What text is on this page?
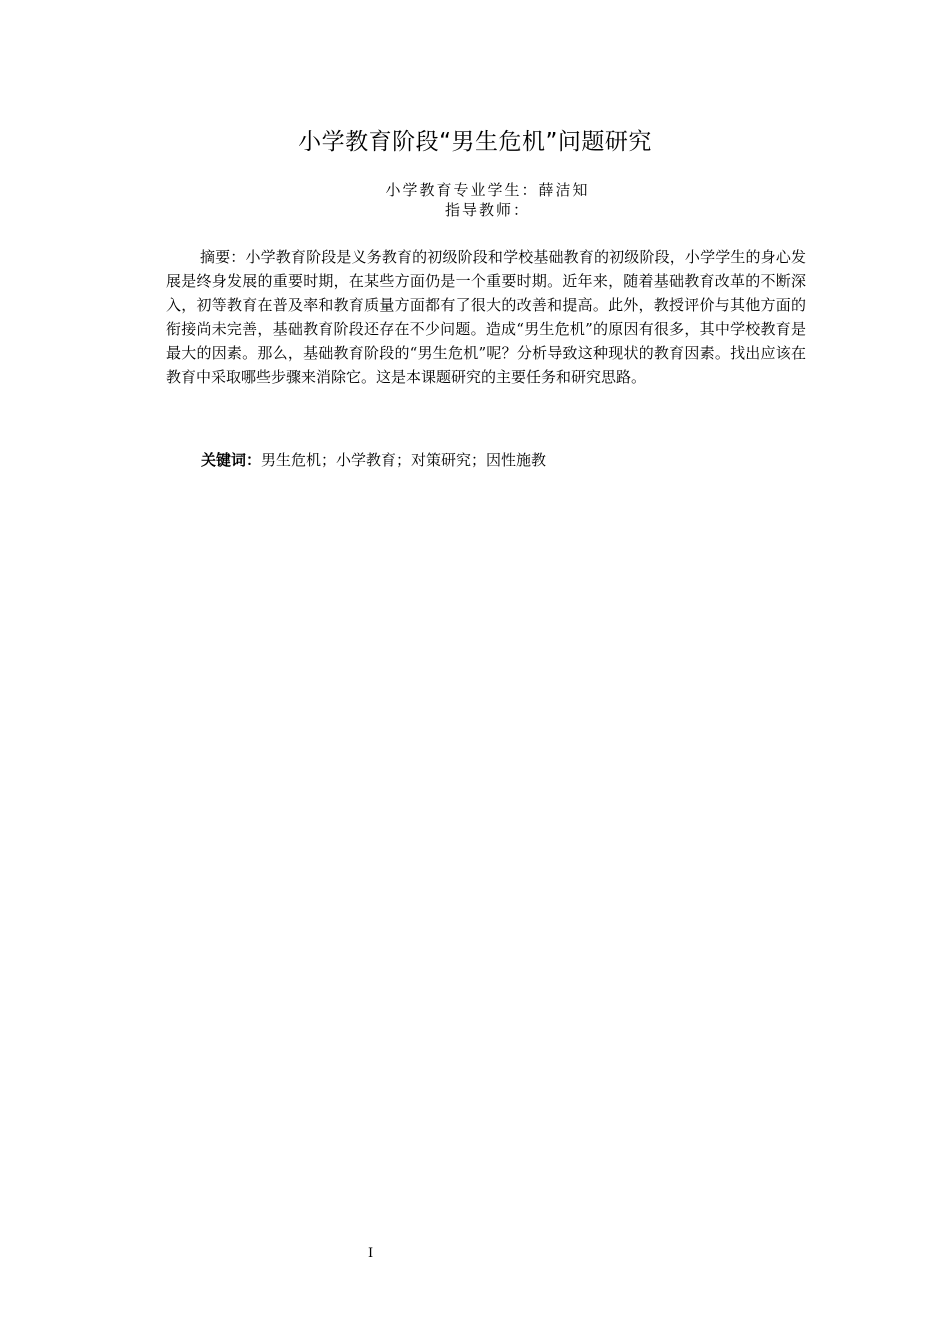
小学教育阶段“男生危机”问题研究
小学教育专业学生：薛洁知
指导教师：

摘要：小学教育阶段是义务教育的初级阶段和学校基础教育的初级阶段，小学学生的身心发展是终身发展的重要时期，在某些方面仍是一个重要时期。近年来，随着基础教育改革的不断深入，初等教育在普及率和教育质量方面都有了很大的改善和提高。此外，教授评价与其他方面的衔接尚未完善，基础教育阶段还存在不少问题。造成“男生危机”的原因有很多，其中学校教育是最大的因素。那么，基础教育阶段的“男生危机”呢？分析导致这种现状的教育因素。找出应该在教育中采取哪些步骤来消除它。这是本课题研究的主要任务和研究思路。

关键词：男生危机；小学教育；对策研究；因性施教
I
